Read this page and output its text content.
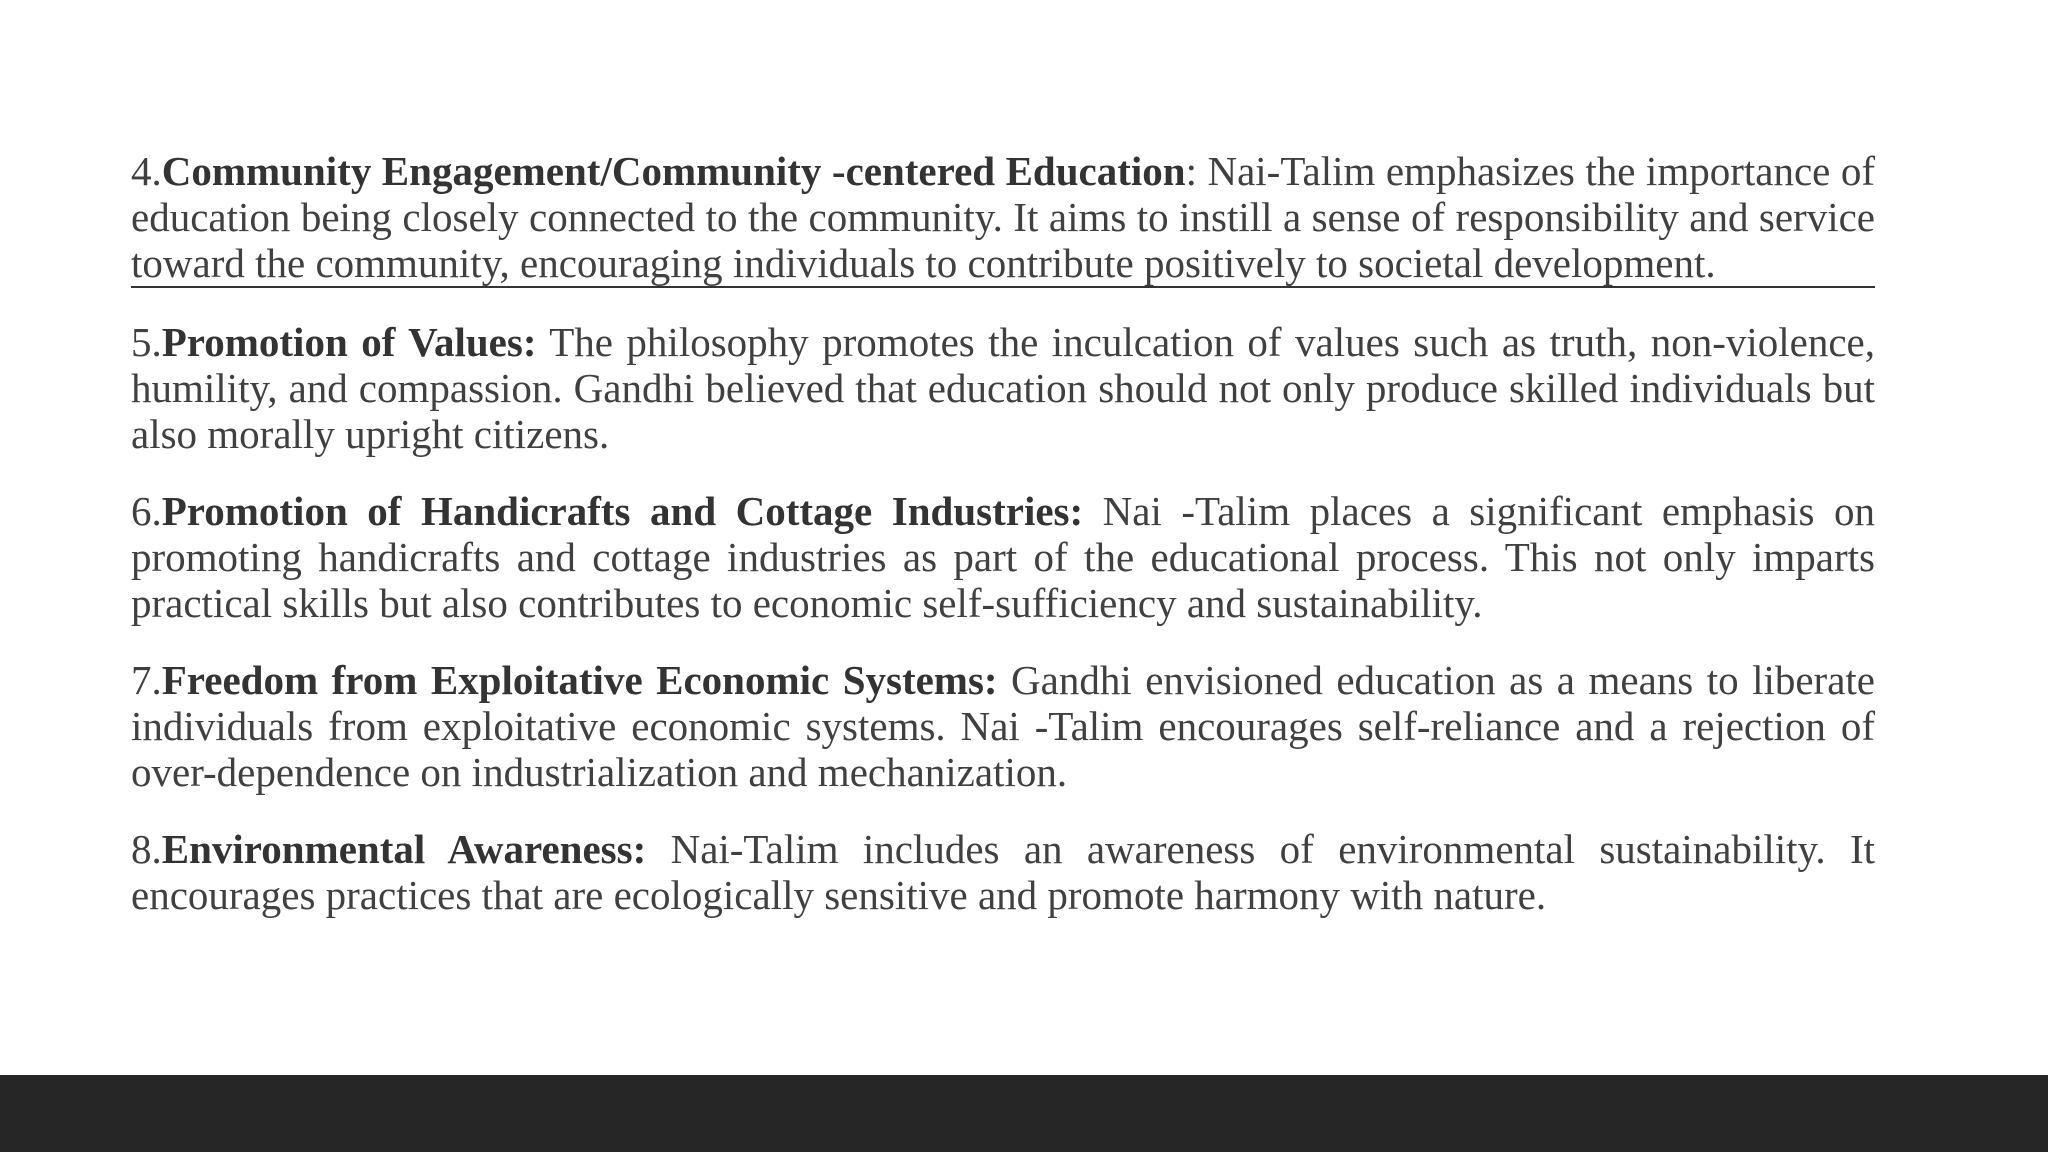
4.Community Engagement/Community -centered Education: Nai-Talim emphasizes the importance of education being closely connected to the community. It aims to instill a sense of responsibility and service toward the community, encouraging individuals to contribute positively to societal development.

5.Promotion of Values: The philosophy promotes the inculcation of values such as truth, non-violence, humility, and compassion. Gandhi believed that education should not only produce skilled individuals but also morally upright citizens.

6.Promotion of Handicrafts and Cottage Industries: Nai -Talim places a significant emphasis on promoting handicrafts and cottage industries as part of the educational process. This not only imparts practical skills but also contributes to economic self-sufficiency and sustainability.

7.Freedom from Exploitative Economic Systems: Gandhi envisioned education as a means to liberate individuals from exploitative economic systems. Nai -Talim encourages self-reliance and a rejection of over-dependence on industrialization and mechanization.

8.Environmental Awareness: Nai-Talim includes an awareness of environmental sustainability. It encourages practices that are ecologically sensitive and promote harmony with nature.
